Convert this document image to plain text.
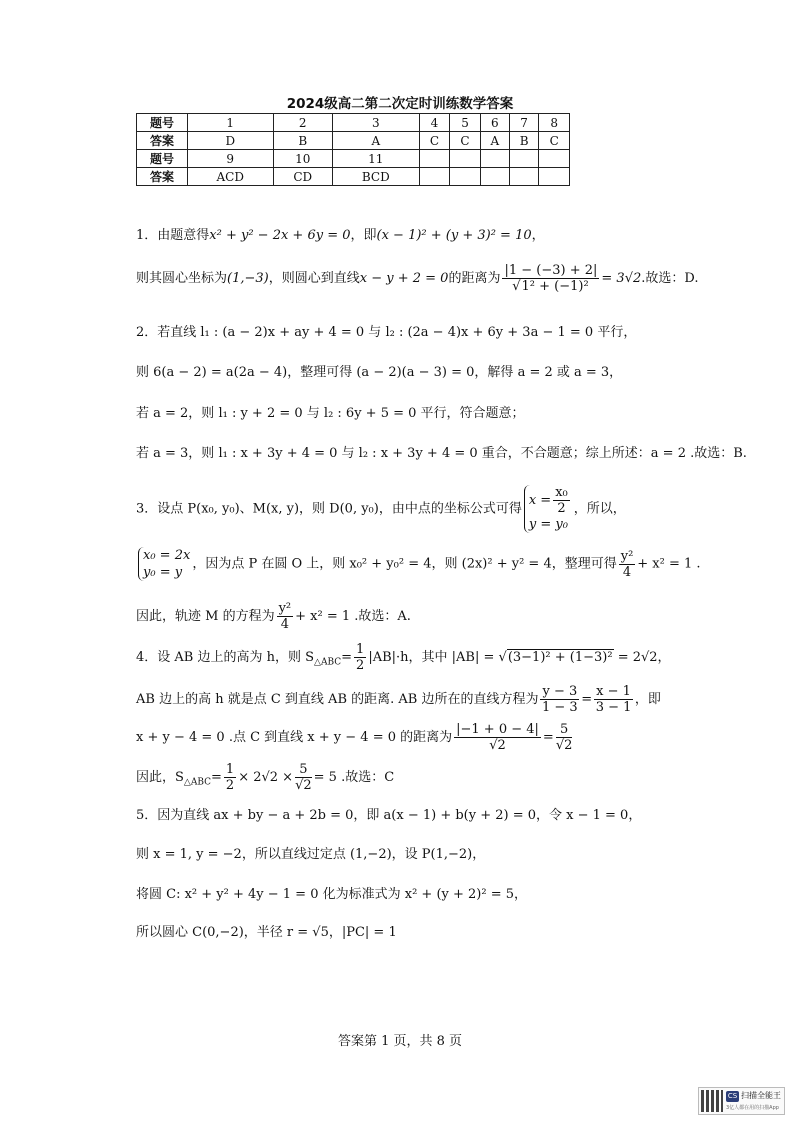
2024级高二第二次定时训练数学答案
题号	1	2	3	4	5	6	7	8
答案	D	B	A	C	C	A	B	C
题号	9	10	11					
答案	ACD	CD	BCD					
1．由题意得x² + y² − 2x + 6y = 0，即(x − 1)² + (y + 3)² = 10，
则其圆心坐标为(1,−3)，则圆心到直线x − y + 2 = 0的距离为 $\frac{|1 - (-3) + 2|}{\text{√1² + (−1)²}} = 3√2$.故选：D.
2．若直线 l₁ : (a − 2)x + ay + 4 = 0 与 l₂ : (2a − 4)x + 6y + 3a − 1 = 0 平行，
则 6(a − 2) = a(2a − 4)，整理可得 (a − 2)(a − 3) = 0，解得 a = 2 或 a = 3，
若 a = 2，则 l₁ : y + 2 = 0 与 l₂ : 6y + 5 = 0 平行，符合题意；
若 a = 3，则 l₁ : x + 3y + 4 = 0 与 l₂ : x + 3y + 4 = 0 重合，不合题意；综上所述：a = 2 .故选：B.
3．设点 P(x₀, y₀)、M(x, y)，则 D(0, y₀)，由中点的坐标公式可得
$x = \frac{\text{x₀}}{2}$
y = y₀
，所以，
x₀ = 2x
y₀ = y
，因为点 P 在圆 O 上，则 x₀² + y₀² = 4，则 (2x)² + y² = 4，整理可得 $\frac{\text{y²}}{4} + x^2 = 1$ .
因此，轨迹 M 的方程为 $\frac{\text{y²}}{4} + x^2 = 1$ .故选：A.
4．设 AB 边上的高为 h，则 $S_{\triangle ABC}= \frac{1}{2} |AB|\cdot h$，其中 |AB| = √(3−1)² + (1−3)² = 2√2，
AB 边上的高 h 就是点 C 到直线 AB 的距离. AB 边所在的直线方程为 $\frac{y - 3}{1 - 3} = \frac{x - 1}{3 - 1}$ ，即
x + y − 4 = 0 .点 C 到直线 x + y − 4 = 0 的距离为 $\frac{|-1 + 0 - 4|}{√2} = \frac{5}{√2}$
因此，$S_{\triangle ABC}= \frac{1}{2} \times 2√2 \times \frac{5}{√2} = 5$ .故选：C
5．因为直线 ax + by − a + 2b = 0，即 a(x − 1) + b(y + 2) = 0，令 x − 1 = 0，
则 x = 1, y = −2，所以直线过定点 (1,−2)，设 P(1,−2)，
将圆 C: x² + y² + 4y − 1 = 0 化为标准式为 x² + (y + 2)² = 5，
所以圆心 C(0,−2)，半径 r = √5，|PC| = 1
答案第 1 页，共 8 页
CS 扫描全能王
3亿人都在用的扫描App
